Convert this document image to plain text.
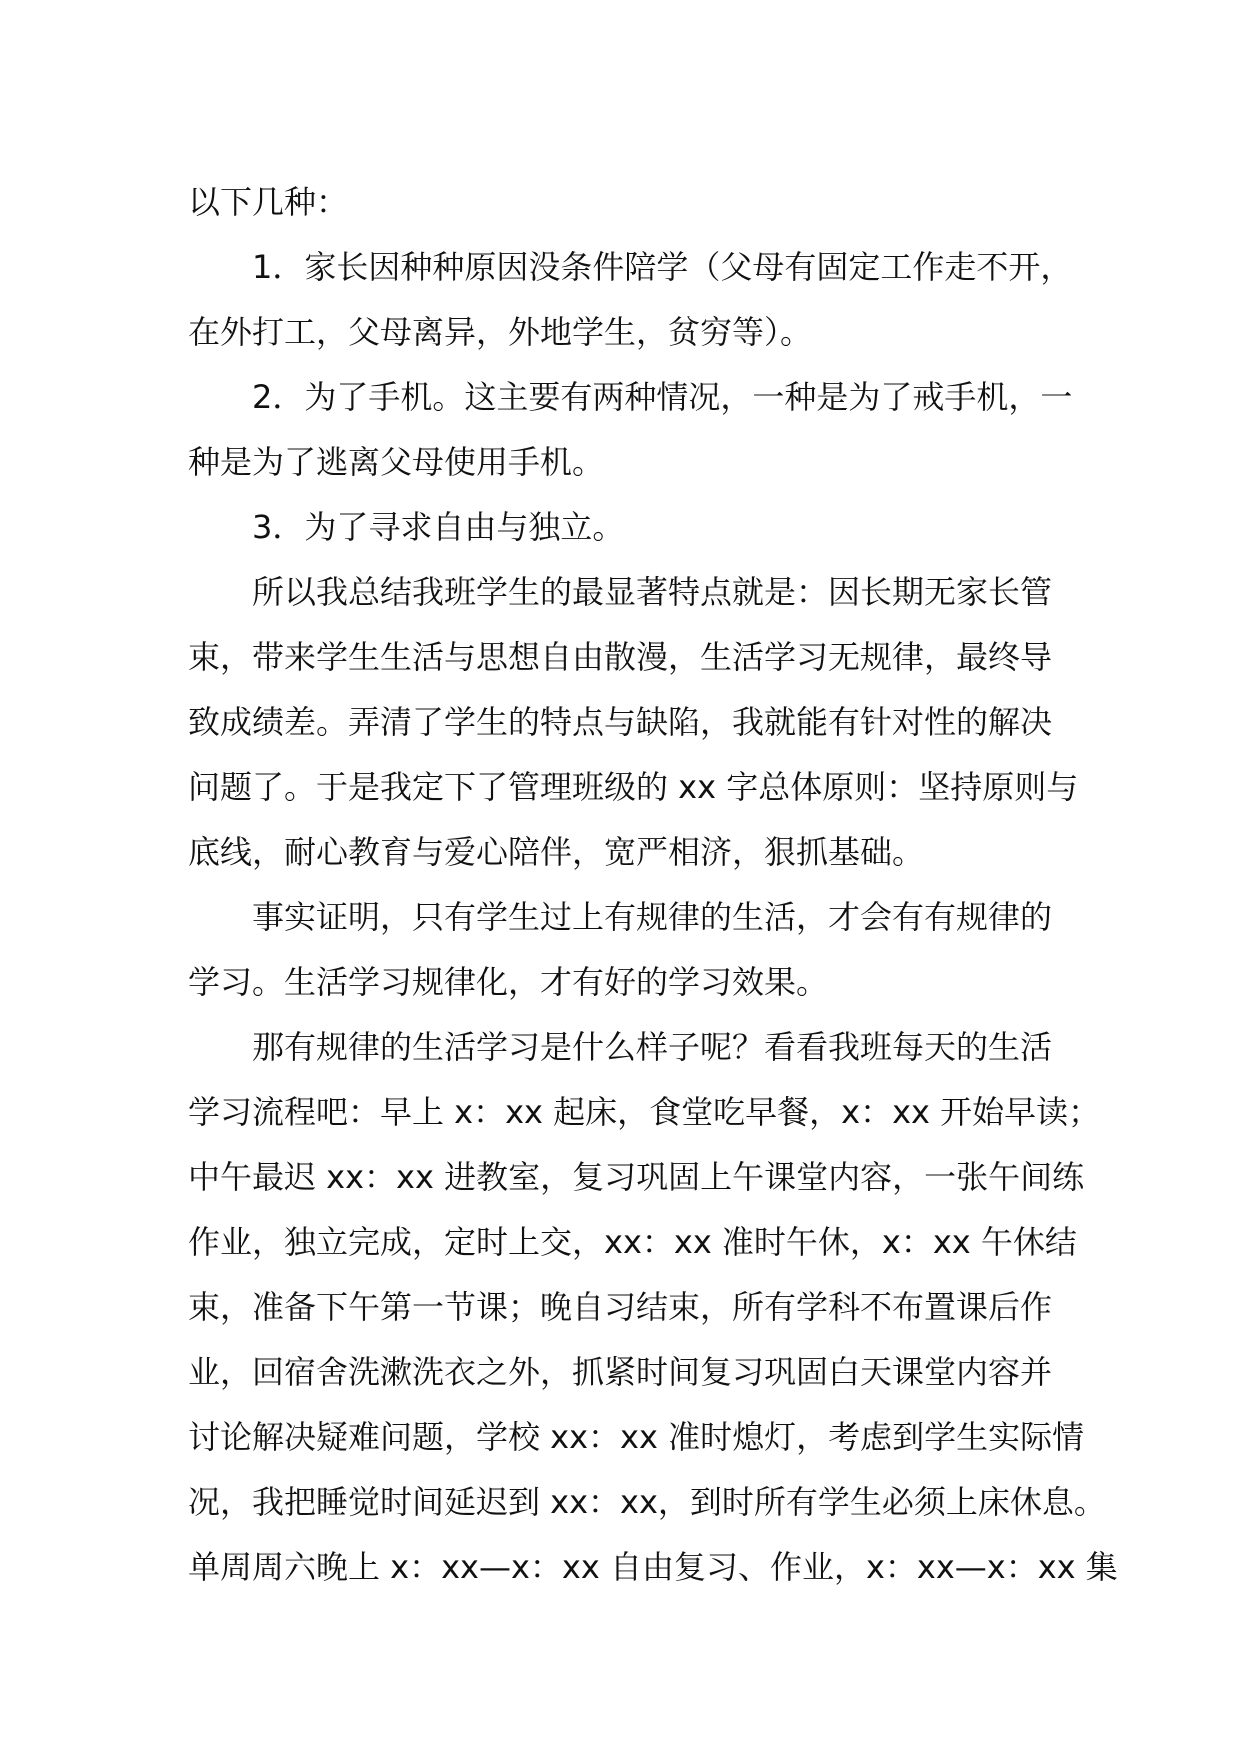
以下几种：
1．家长因种种原因没条件陪学（父母有固定工作走不开，
在外打工，父母离异，外地学生，贫穷等）。
2．为了手机。这主要有两种情况，一种是为了戒手机，一
种是为了逃离父母使用手机。
3．为了寻求自由与独立。
所以我总结我班学生的最显著特点就是：因长期无家长管
束，带来学生生活与思想自由散漫，生活学习无规律，最终导
致成绩差。弄清了学生的特点与缺陷，我就能有针对性的解决
问题了。于是我定下了管理班级的 xx 字总体原则：坚持原则与
底线，耐心教育与爱心陪伴，宽严相济，狠抓基础。
事实证明，只有学生过上有规律的生活，才会有有规律的
学习。生活学习规律化，才有好的学习效果。
那有规律的生活学习是什么样子呢？看看我班每天的生活
学习流程吧：早上 x：xx 起床，食堂吃早餐，x：xx 开始早读；
中午最迟 xx：xx 进教室，复习巩固上午课堂内容，一张午间练
作业，独立完成，定时上交，xx：xx 准时午休，x：xx 午休结
束，准备下午第一节课；晚自习结束，所有学科不布置课后作
业，回宿舍洗漱洗衣之外，抓紧时间复习巩固白天课堂内容并
讨论解决疑难问题，学校 xx：xx 准时熄灯，考虑到学生实际情
况，我把睡觉时间延迟到 xx：xx，到时所有学生必须上床休息。
单周周六晚上 x：xx—x：xx 自由复习、作业，x：xx—x：xx 集
